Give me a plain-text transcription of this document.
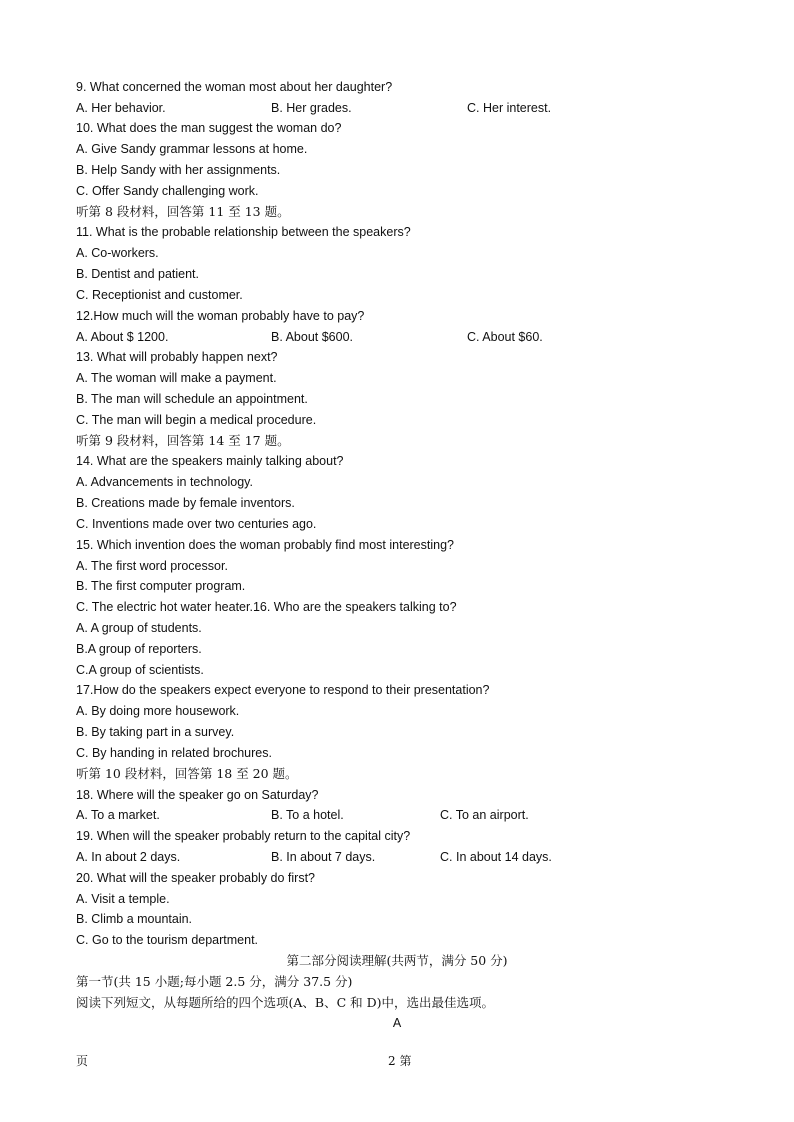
9. What concerned the woman most about her daughter?
A. Her behavior.	B. Her grades.	C. Her interest.
10. What does the man suggest the woman do?
A. Give Sandy grammar lessons at home.
B. Help Sandy with her assignments.
C. Offer Sandy challenging work.
听第 8 段材料，回答第 11 至 13 题。
11. What is the probable relationship between the speakers?
A. Co-workers.
B. Dentist and patient.
C. Receptionist and customer.
12.How much will the woman probably have to pay?
A. About $ 1200.	B. About $600.	C. About $60.
13. What will probably happen next?
A. The woman will make a payment.
B. The man will schedule an appointment.
C. The man will begin a medical procedure.
听第 9 段材料，回答第 14 至 17 题。
14. What are the speakers mainly talking about?
A. Advancements in technology.
B. Creations made by female inventors.
C. Inventions made over two centuries ago.
15. Which invention does the woman probably find most interesting?
A. The first word processor.
B. The first computer program.
C. The electric hot water heater.16. Who are the speakers talking to?
A. A group of students.
B.A group of reporters.
C.A group of scientists.
17.How do the speakers expect everyone to respond to their presentation?
A. By doing more housework.
B. By taking part in a survey.
C. By handing in related brochures.
听第 10 段材料，回答第 18 至 20 题。
18. Where will the speaker go on Saturday?
A. To a market.	B. To a hotel.	C. To an airport.
19. When will the speaker probably return to the capital city?
A. In about 2 days.	B. In about 7 days.	C. In about 14 days.
20. What will the speaker probably do first?
A. Visit a temple.
B. Climb a mountain.
C. Go to the tourism department.
第二部分阅读理解(共两节，满分 50 分)
第一节(共 15 小题;每小题 2.5 分，满分 37.5 分)
阅读下列短文，从每题所给的四个选项(A、B、C 和 D)中，选出最佳选项。
A
页	2 第
